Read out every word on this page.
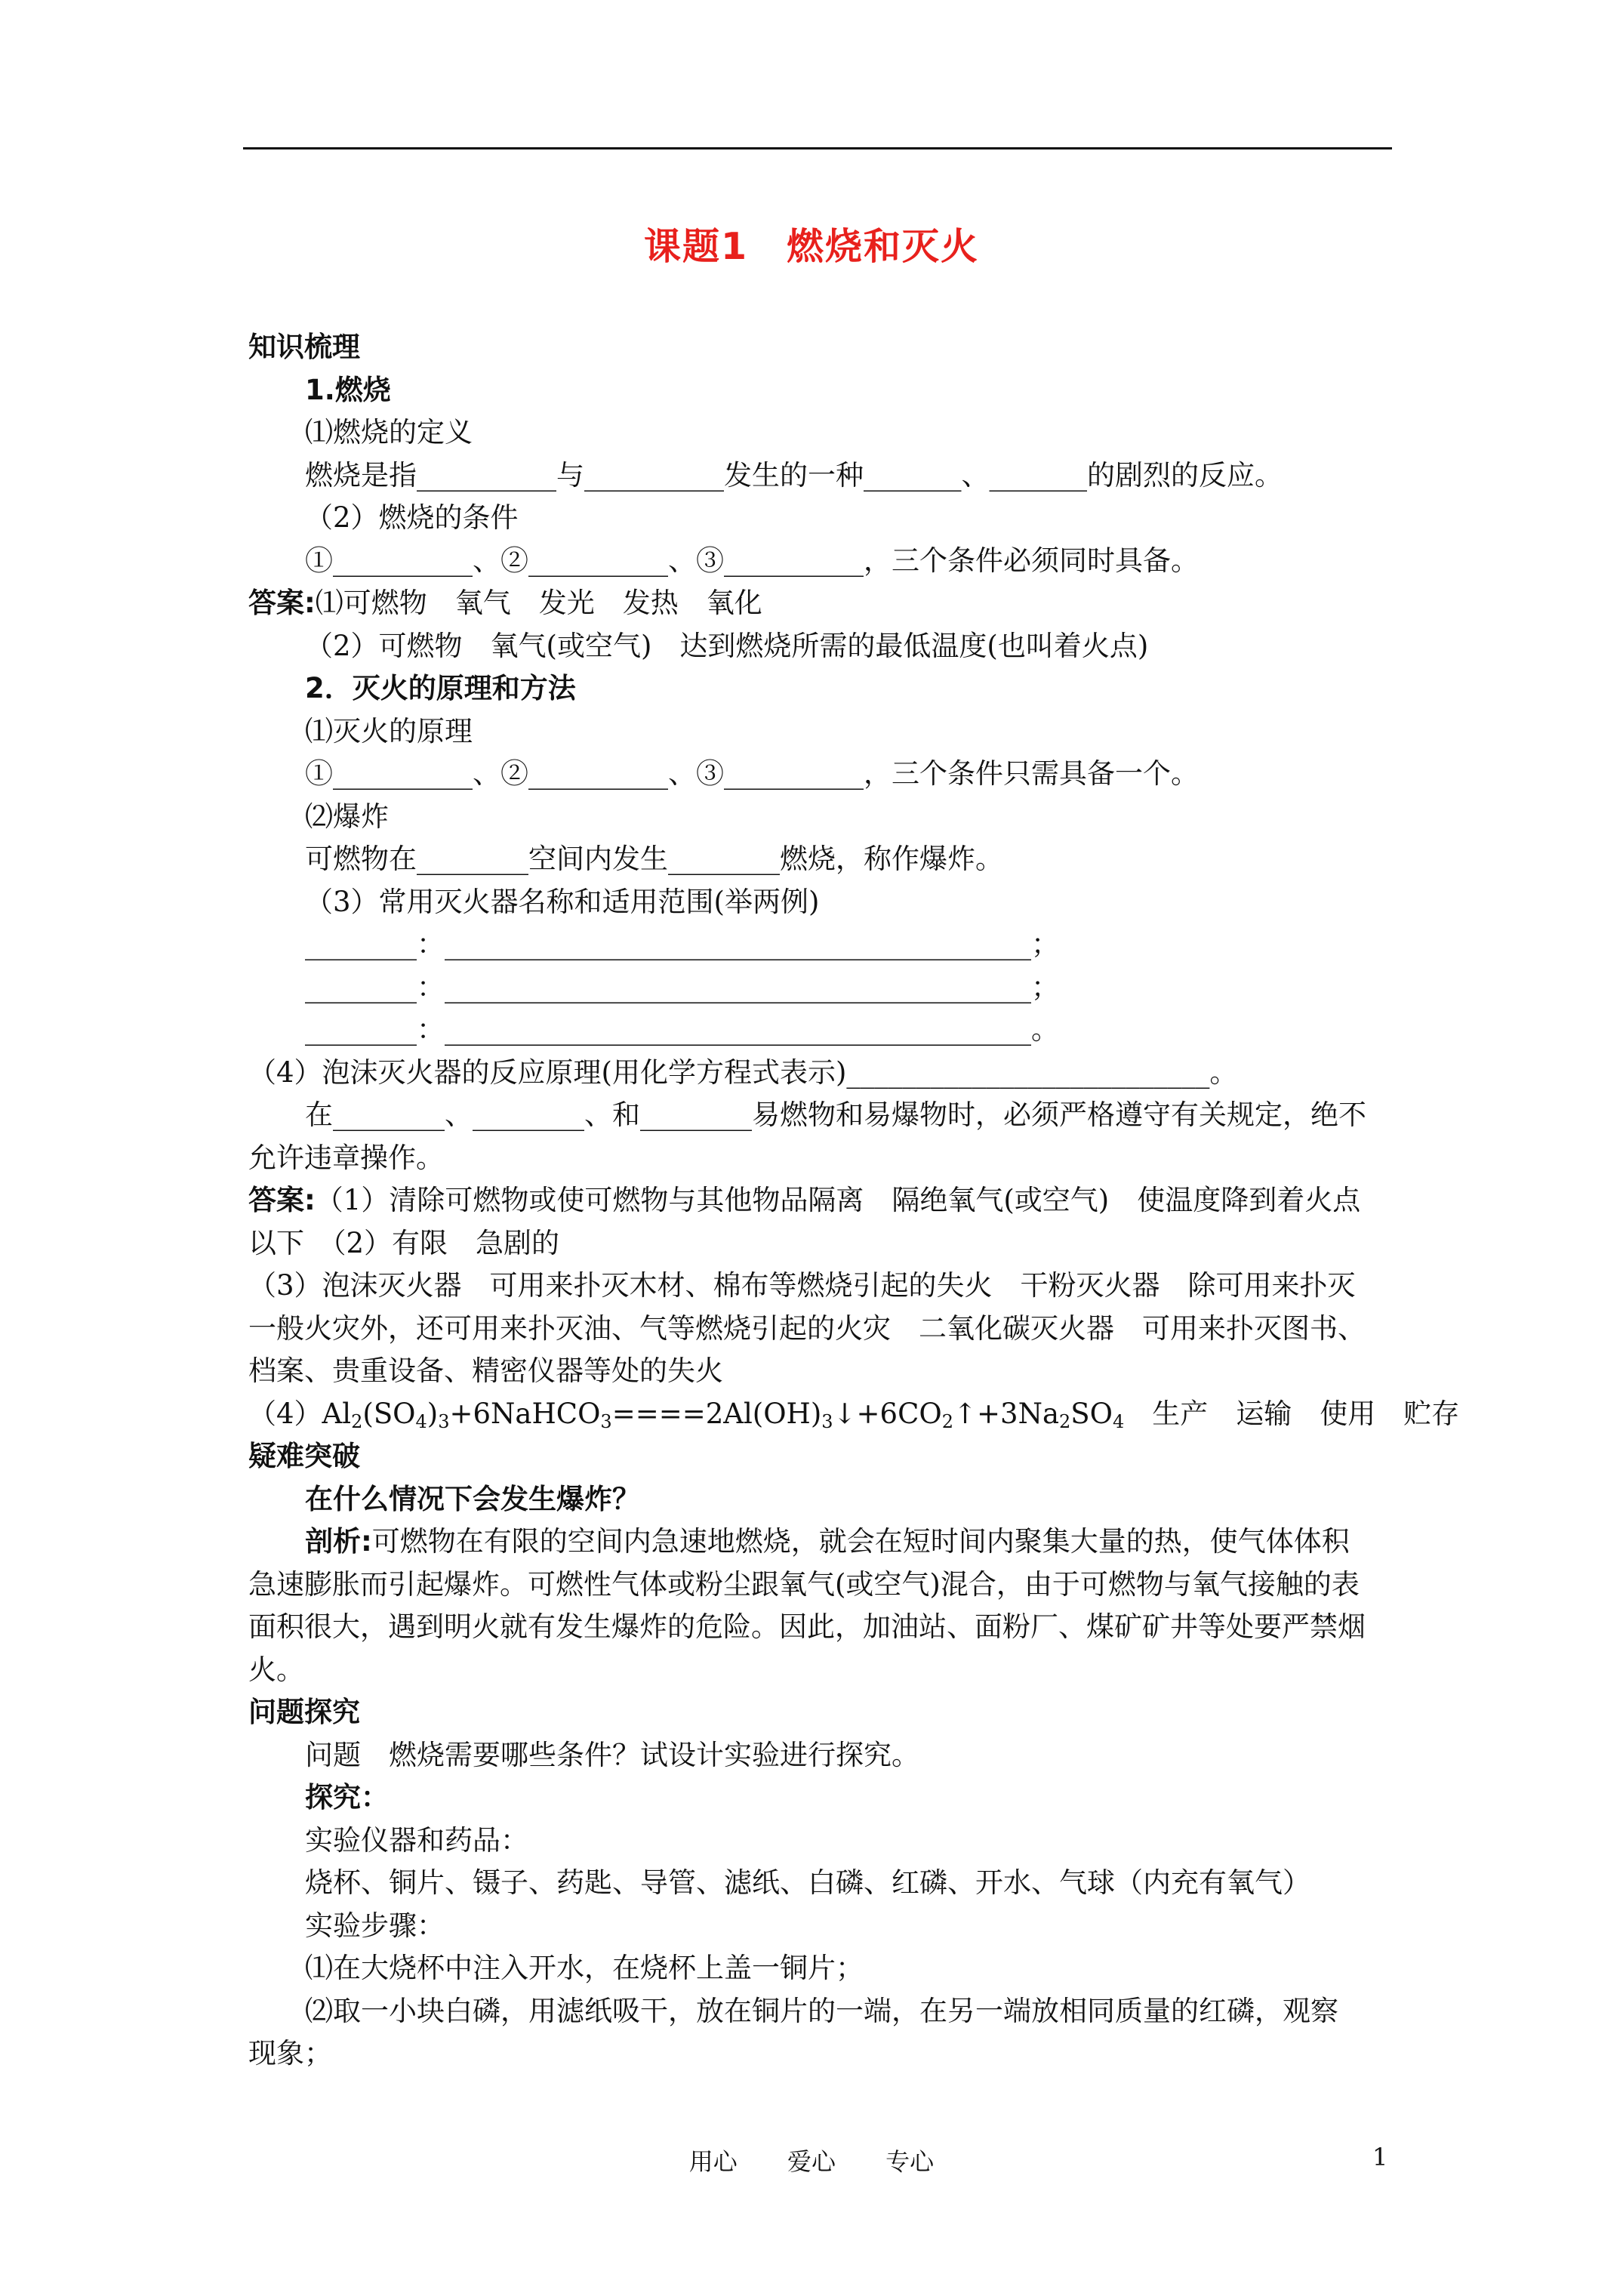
课题1　燃烧和灭火
知识梳理
1.燃烧
⑴燃烧的定义
燃烧是指__________与__________发生的一种_______、_______的剧烈的反应。
（2）燃烧的条件
①__________、②__________、③__________，三个条件必须同时具备。
答案:⑴可燃物　氧气　发光　发热　氧化
（2）可燃物　氧气(或空气)　达到燃烧所需的最低温度(也叫着火点)
2．灭火的原理和方法
⑴灭火的原理
①__________、②__________、③__________，三个条件只需具备一个。
⑵爆炸
可燃物在________空间内发生________燃烧，称作爆炸。
（3）常用灭火器名称和适用范围(举两例)
________：__________________________________________；
________：__________________________________________；
________：__________________________________________。
（4）泡沫灭火器的反应原理(用化学方程式表示)__________________________。
在________、________、和________易燃物和易爆物时，必须严格遵守有关规定，绝不
允许违章操作。
答案:（1）清除可燃物或使可燃物与其他物品隔离　隔绝氧气(或空气)　使温度降到着火点
以下　（2）有限　急剧的
（3）泡沫灭火器　可用来扑灭木材、棉布等燃烧引起的失火　干粉灭火器　除可用来扑灭
一般火灾外，还可用来扑灭油、气等燃烧引起的火灾　二氧化碳灭火器　可用来扑灭图书、
档案、贵重设备、精密仪器等处的失火
$(4)Al_2(SO_4)_3+6NaHCO_3====2Al(OH)_3↓+6CO_2↑+3Na_2SO_4$　生产　运输　使用　贮存
疑难突破
在什么情况下会发生爆炸？
剖析:可燃物在有限的空间内急速地燃烧，就会在短时间内聚集大量的热，使气体体积
急速膨胀而引起爆炸。可燃性气体或粉尘跟氧气(或空气)混合，由于可燃物与氧气接触的表
面积很大，遇到明火就有发生爆炸的危险。因此，加油站、面粉厂、煤矿矿井等处要严禁烟
火。
问题探究
问题　燃烧需要哪些条件？试设计实验进行探究。
探究：
实验仪器和药品：
烧杯、铜片、镊子、药匙、导管、滤纸、白磷、红磷、开水、气球（内充有氧气）
实验步骤：
⑴在大烧杯中注入开水，在烧杯上盖一铜片；
⑵取一小块白磷，用滤纸吸干，放在铜片的一端，在另一端放相同质量的红磷，观察
现象；
用心 爱心 专心	1
